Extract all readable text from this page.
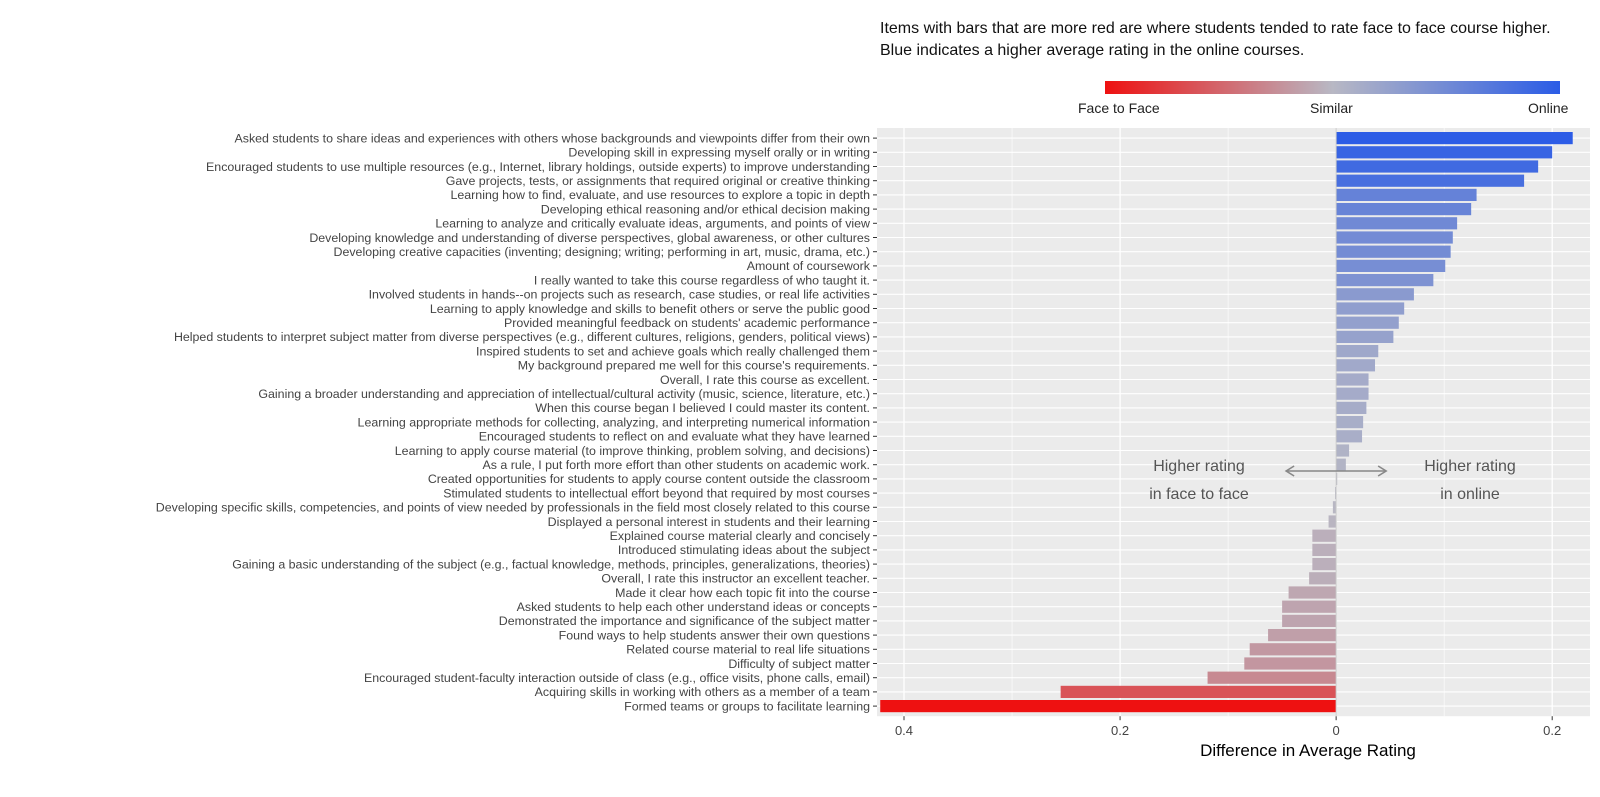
Asked students to share ideas and experiences with others whose backgrounds and viewpoints differ from their own
Developing skill in expressing myself orally or in writing
Encouraged students to use multiple resources (e.g., Internet, library holdings, outside experts) to improve understanding
Gave projects, tests, or assignments that required original or creative thinking
Learning how to find, evaluate, and use resources to explore a topic in depth
Developing ethical reasoning and/or ethical decision making
Learning to analyze and critically evaluate ideas, arguments, and points of view
Developing knowledge and understanding of diverse perspectives, global awareness, or other cultures
Developing creative capacities (inventing; designing; writing; performing in art, music, drama, etc.)
Amount of coursework
I really wanted to take this course regardless of who taught it.
Involved students in hands--on projects such as research, case studies, or real life activities
Learning to apply knowledge and skills to benefit others or serve the public good
Provided meaningful feedback on students' academic performance
Helped students to interpret subject matter from diverse perspectives (e.g., different cultures, religions, genders, political views)
Inspired students to set and achieve goals which really challenged them
My background prepared me well for this course's requirements.
Overall, I rate this course as excellent.
Gaining a broader understanding and appreciation of intellectual/cultural activity (music, science, literature, etc.)
When this course began I believed I could master its content.
Learning appropriate methods for collecting, analyzing, and interpreting numerical information
Encouraged students to reflect on and evaluate what they have learned
Learning to apply course material (to improve thinking, problem solving, and decisions)
As a rule, I put forth more effort than other students on academic work.
Created opportunities for students to apply course content outside the classroom
Stimulated students to intellectual effort beyond that required by most courses
Developing specific skills, competencies, and points of view needed by professionals in the field most closely related to this course
Displayed a personal interest in students and their learning
Explained course material clearly and concisely
Introduced stimulating ideas about the subject
Gaining a basic understanding of the subject (e.g., factual knowledge, methods, principles, generalizations, theories)
Overall, I rate this instructor an excellent teacher.
Made it clear how each topic fit into the course
Asked students to help each other understand ideas or concepts
Demonstrated the importance and significance of the subject matter
Found ways to help students answer their own questions
Related course material to real life situations
Difficulty of subject matter
Encouraged student-faculty interaction outside of class (e.g., office visits, phone calls, email)
Acquiring skills in working with others as a member of a team
Formed teams or groups to facilitate learning
0.4	0.2	0	0.2
Difference in Average Rating
Items with bars that are more red are where students tended to rate face to face course higher. Blue indicates a higher average rating in the online courses.
Face to Face	Similar	Online
Higher rating
in face to face
Higher rating
in online
